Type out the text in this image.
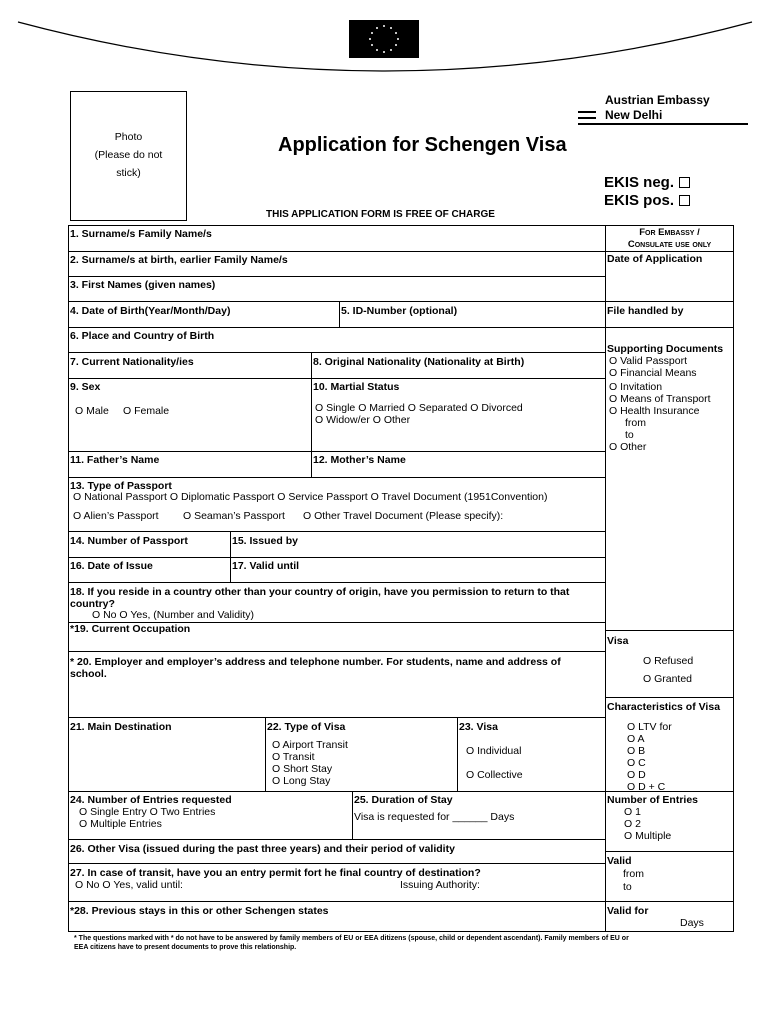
Photo
(Please do not
stick)
Austrian Embassy
New Delhi
Application for Schengen Visa
EKIS neg.
EKIS pos.
THIS APPLICATION FORM IS FREE OF CHARGE
1. Surname/s Family Name/s
2. Surname/s at birth, earlier Family Name/s
3. First Names (given names)
4. Date of Birth(Year/Month/Day)	5. ID-Number (optional)
6. Place and Country of Birth
7. Current Nationality/ies	8. Original Nationality (Nationality at Birth)
9. Sex
O Male O Female
10. Martial Status
O Single O Married O Separated O Divorced
O Widow/er O Other
11. Father’s Name	12. Mother’s Name
13. Type of Passport
O National Passport O Diplomatic Passport O Service Passport O Travel Document (1951Convention)
O Alien’s Passport O Seaman’s Passport O Other Travel Document (Please specify):
14. Number of Passport	15. Issued by
16. Date of Issue	17. Valid until
18. If you reside in a country other than your country of origin, have you permission to return to that
country?
O No O Yes, (Number and Validity)
*19. Current Occupation
* 20. Employer and employer’s address and telephone number. For students, name and address of
school.
21. Main Destination	22. Type of Visa
O Airport Transit
O Transit
O Short Stay
O Long Stay
23. Visa
O Individual
O Collective
24. Number of Entries requested
O Single Entry O Two Entries
O Multiple Entries
25. Duration of Stay
Visa is requested for ______ Days
26. Other Visa (issued during the past three years) and their period of validity
27. In case of transit, have you an entry permit fort he final country of destination?
O No O Yes, valid until:	Issuing Authority:
*28. Previous stays in this or other Schengen states
For Embassy /
Consulate use only
Date of Application
File handled by
Supporting Documents
O Valid Passport
O Financial Means
O Invitation
O Means of Transport
O Health Insurance
from
to
O Other
Visa
O Refused
O Granted
Characteristics of Visa
O LTV for
O A
O B
O C
O D
O D + C
Number of Entries
O 1
O 2
O Multiple
Valid
from
to
Valid for
Days
* The questions marked with * do not have to be answered by family members of EU or EEA ditizens (spouse, child or dependent ascendant). Family members of EU or
EEA citizens have to present documents to prove this relationship.
